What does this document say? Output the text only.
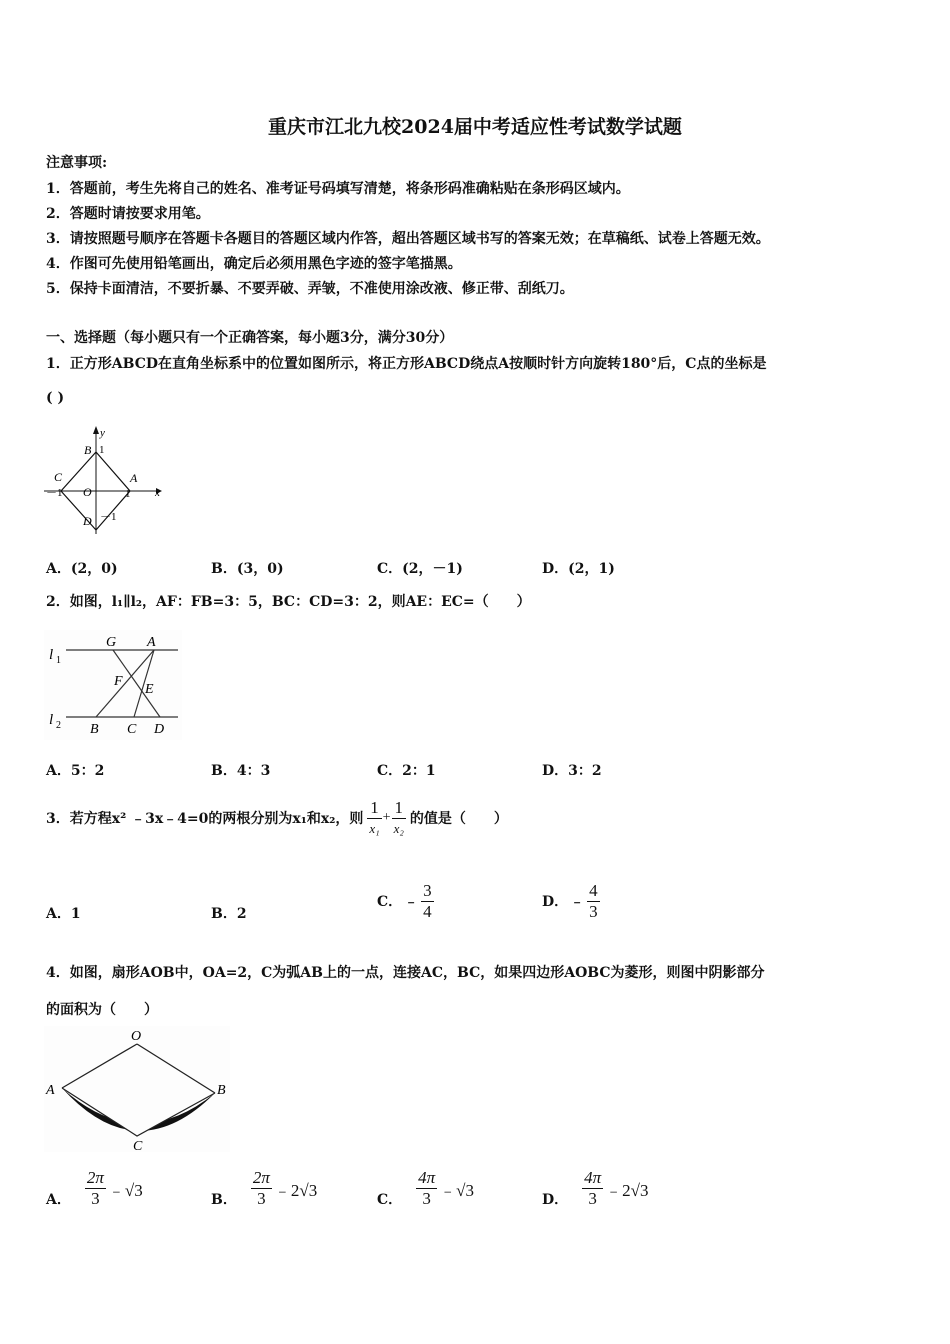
重庆市江北九校2024届中考适应性考试数学试题
注意事项:
1．答题前，考生先将自己的姓名、准考证号码填写清楚，将条形码准确粘贴在条形码区域内。
2．答题时请按要求用笔。
3．请按照题号顺序在答题卡各题目的答题区域内作答，超出答题区域书写的答案无效；在草稿纸、试卷上答题无效。
4．作图可先使用铅笔画出，确定后必须用黑色字迹的签字笔描黑。
5．保持卡面清洁，不要折暴、不要弄破、弄皱，不准使用涂改液、修正带、刮纸刀。
一、选择题（每小题只有一个正确答案，每小题3分，满分30分）
1．正方形ABCD在直角坐标系中的位置如图所示，将正方形ABCD绕点A按顺时针方向旋转180°后，C点的坐标是
( )
y
x
B 1
C	A
－1 O	1
D －1
A．(2，0)	B．(3，0)	C．(2，－1)	D．(2，1)
2．如图，l₁∥l₂，AF：FB=3：5，BC：CD=3：2，则AE：EC=（　　）
l 1
l 2
G A
F
E
B C D
A．5：2	B．4：3	C．2：1	D．3：2
3．若方程x² ﹣3x﹣4=0的两根分别为x₁和x₂，则 $\frac{1}{\text{x₁}} + \frac{1}{\text{x₂}}$ 的值是（　　）
A．1	B．2
C． ﹣ $\frac{3}{4}$	D． ﹣ $\frac{4}{3}$
4．如图，扇形AOB中，OA=2，C为弧AB上的一点，连接AC，BC，如果四边形AOBC为菱形，则图中阴影部分
的面积为（　　）
O
A	B
C
A． $\frac{2\pi}{3}$ ﹣√3
B． $\frac{2\pi}{3}$ ﹣2√3
C． $\frac{4\pi}{3}$ ﹣√3
D． $\frac{4\pi}{3}$ ﹣2√3
